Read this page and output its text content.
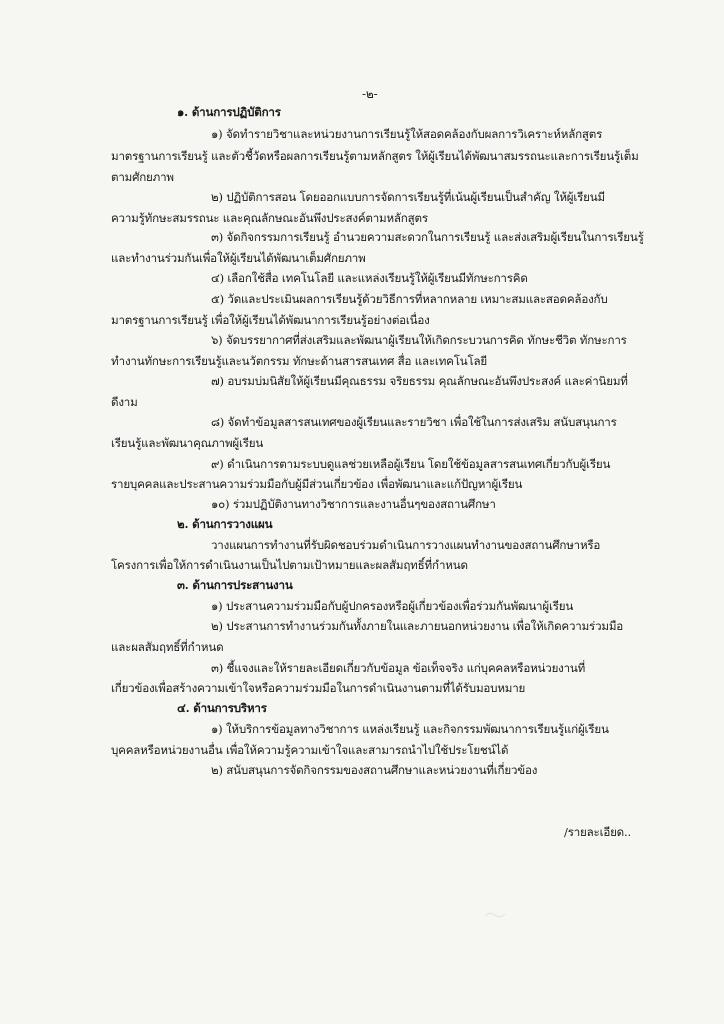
-๒-
๑. ด้านการปฏิบัติการ
๑) จัดทำรายวิชาและหน่วยงานการเรียนรู้ให้สอดคล้องกับผลการวิเคราะห์หลักสูตร
มาตรฐานการเรียนรู้ และตัวชี้วัดหรือผลการเรียนรู้ตามหลักสูตร ให้ผู้เรียนได้พัฒนาสมรรถนะและการเรียนรู้เต็ม
ตามศักยภาพ
๒) ปฏิบัติการสอน โดยออกแบบการจัดการเรียนรู้ที่เน้นผู้เรียนเป็นสำคัญ ให้ผู้เรียนมี
ความรู้ทักษะสมรรถนะ และคุณลักษณะอันพึงประสงค์ตามหลักสูตร
๓) จัดกิจกรรมการเรียนรู้ อำนวยความสะดวกในการเรียนรู้ และส่งเสริมผู้เรียนในการเรียนรู้
และทำงานร่วมกันเพื่อให้ผู้เรียนได้พัฒนาเต็มศักยภาพ
๔) เลือกใช้สื่อ เทคโนโลยี และแหล่งเรียนรู้ให้ผู้เรียนมีทักษะการคิด
๕) วัดและประเมินผลการเรียนรู้ด้วยวิธีการที่หลากหลาย เหมาะสมและสอดคล้องกับ
มาตรฐานการเรียนรู้ เพื่อให้ผู้เรียนได้พัฒนาการเรียนรู้อย่างต่อเนื่อง
๖) จัดบรรยากาศที่ส่งเสริมและพัฒนาผู้เรียนให้เกิดกระบวนการคิด ทักษะชีวิต ทักษะการ
ทำงานทักษะการเรียนรู้และนวัตกรรม ทักษะด้านสารสนเทศ สื่อ และเทคโนโลยี
๗) อบรมบ่มนิสัยให้ผู้เรียนมีคุณธรรม จริยธรรม คุณลักษณะอันพึงประสงค์ และค่านิยมที่
ดีงาม
๘) จัดทำข้อมูลสารสนเทศของผู้เรียนและรายวิชา เพื่อใช้ในการส่งเสริม สนับสนุนการ
เรียนรู้และพัฒนาคุณภาพผู้เรียน
๙) ดำเนินการตามระบบดูแลช่วยเหลือผู้เรียน โดยใช้ข้อมูลสารสนเทศเกี่ยวกับผู้เรียน
รายบุคคลและประสานความร่วมมือกับผู้มีส่วนเกี่ยวข้อง เพื่อพัฒนาและแก้ปัญหาผู้เรียน
๑๐) ร่วมปฏิบัติงานทางวิชาการและงานอื่นๆของสถานศึกษา
๒. ด้านการวางแผน
วางแผนการทำงานที่รับผิดชอบร่วมดำเนินการวางแผนทำงานของสถานศึกษาหรือ
โครงการเพื่อให้การดำเนินงานเป็นไปตามเป้าหมายและผลสัมฤทธิ์ที่กำหนด
๓. ด้านการประสานงาน
๑) ประสานความร่วมมือกับผู้ปกครองหรือผู้เกี่ยวข้องเพื่อร่วมกันพัฒนาผู้เรียน
๒) ประสานการทำงานร่วมกันทั้งภายในและภายนอกหน่วยงาน เพื่อให้เกิดความร่วมมือ
และผลสัมฤทธิ์ที่กำหนด
๓) ชี้แจงและให้รายละเอียดเกี่ยวกับข้อมูล ข้อเท็จจริง แก่บุคคลหรือหน่วยงานที่
เกี่ยวข้องเพื่อสร้างความเข้าใจหรือความร่วมมือในการดำเนินงานตามที่ได้รับมอบหมาย
๔. ด้านการบริหาร
๑) ให้บริการข้อมูลทางวิชาการ แหล่งเรียนรู้ และกิจกรรมพัฒนาการเรียนรู้แก่ผู้เรียน
บุคคลหรือหน่วยงานอื่น เพื่อให้ความรู้ความเข้าใจและสามารถนำไปใช้ประโยชน์ได้
๒) สนับสนุนการจัดกิจกรรมของสถานศึกษาและหน่วยงานที่เกี่ยวข้อง
/รายละเอียด..
